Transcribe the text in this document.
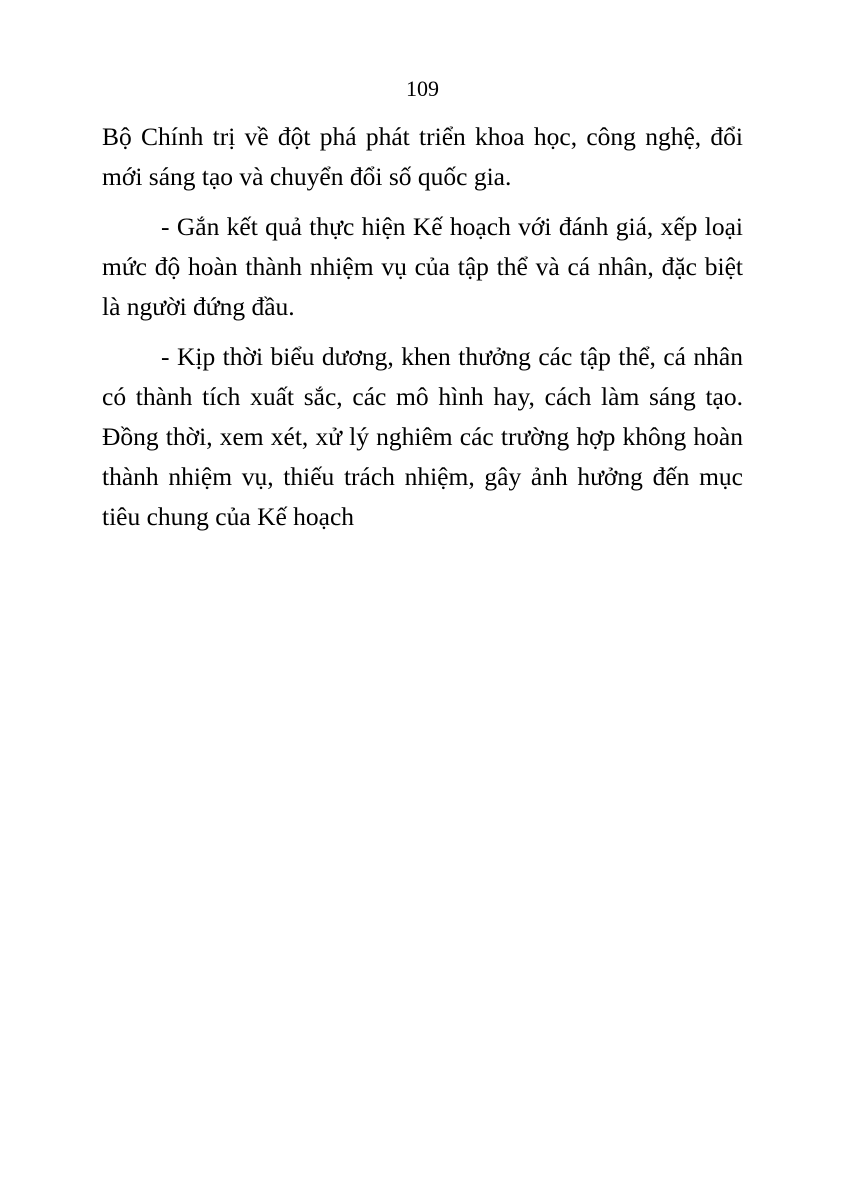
109

Bộ Chính trị về đột phá phát triển khoa học, công nghệ, đổi mới sáng tạo và chuyển đổi số quốc gia.

- Gắn kết quả thực hiện Kế hoạch với đánh giá, xếp loại mức độ hoàn thành nhiệm vụ của tập thể và cá nhân, đặc biệt là người đứng đầu.

- Kịp thời biểu dương, khen thưởng các tập thể, cá nhân có thành tích xuất sắc, các mô hình hay, cách làm sáng tạo. Đồng thời, xem xét, xử lý nghiêm các trường hợp không hoàn thành nhiệm vụ, thiếu trách nhiệm, gây ảnh hưởng đến mục tiêu chung của Kế hoạch
